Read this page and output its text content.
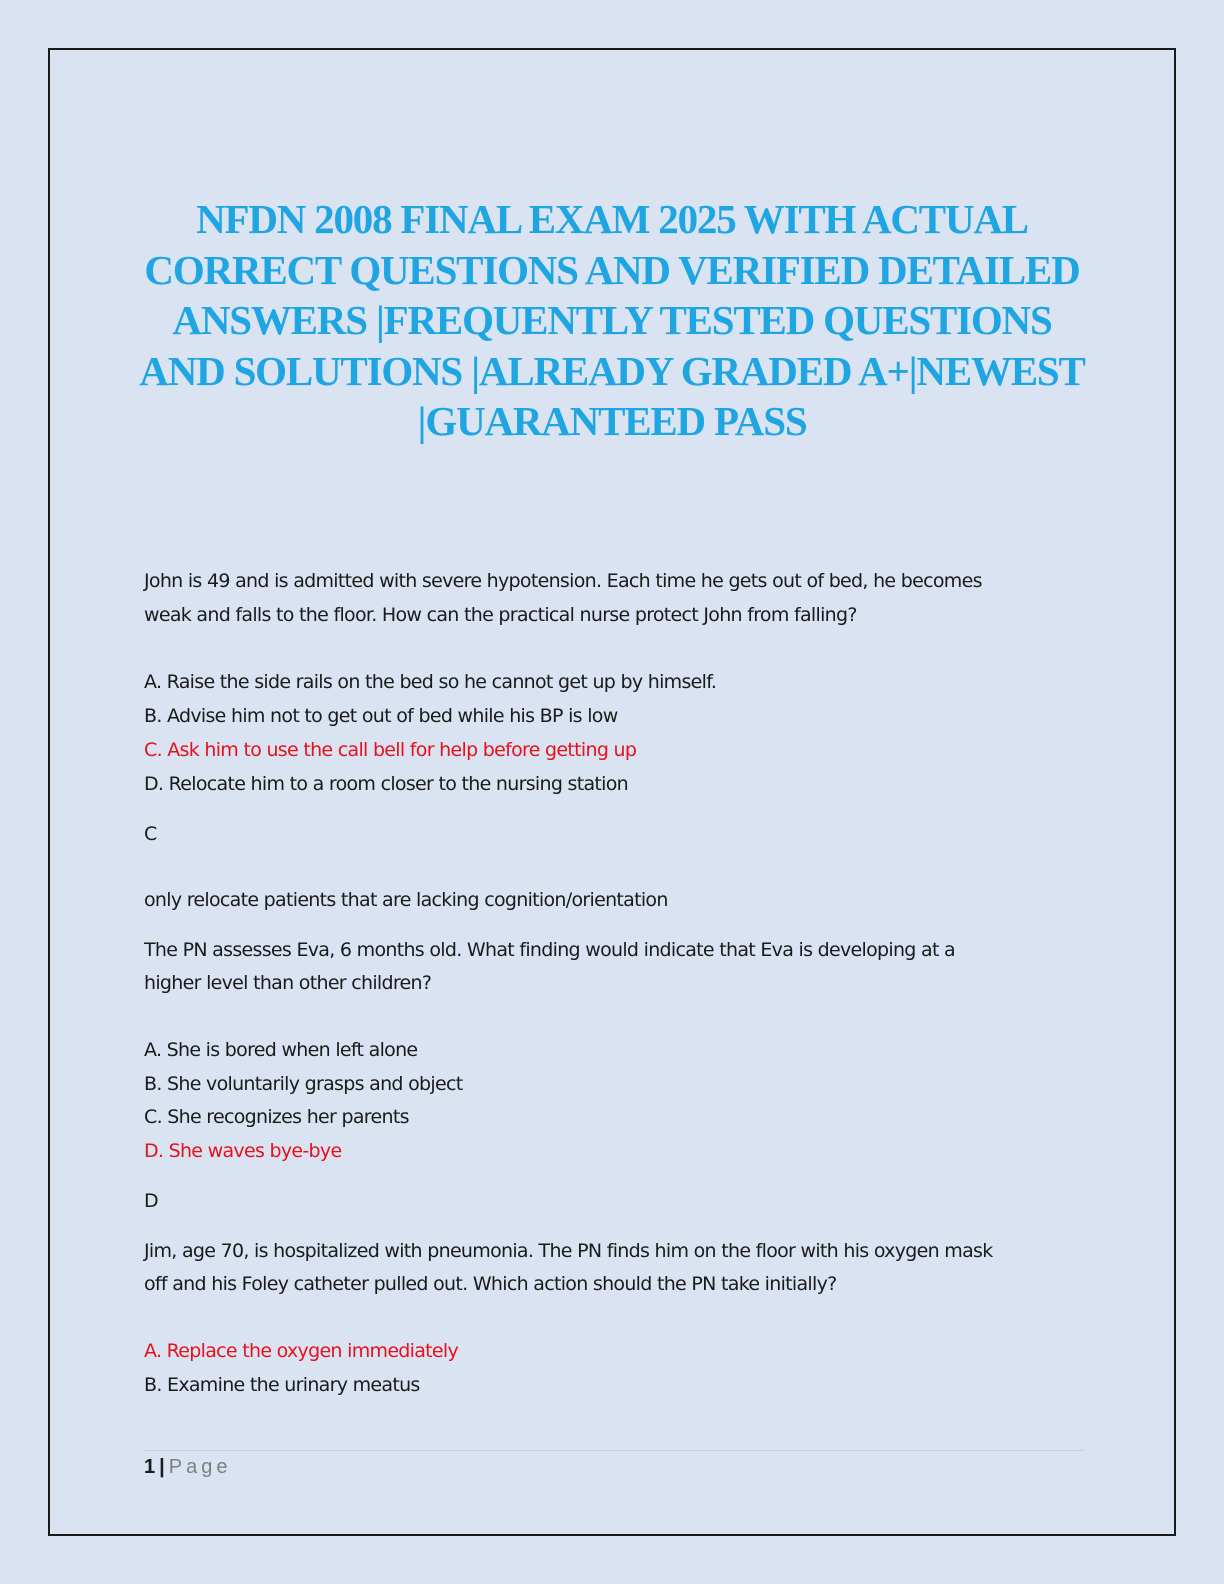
NFDN 2008 FINAL EXAM 2025 WITH ACTUAL CORRECT QUESTIONS AND VERIFIED DETAILED ANSWERS |FREQUENTLY TESTED QUESTIONS AND SOLUTIONS |ALREADY GRADED A+|NEWEST |GUARANTEED PASS
John is 49 and is admitted with severe hypotension. Each time he gets out of bed, he becomes
weak and falls to the floor. How can the practical nurse protect John from falling?
A. Raise the side rails on the bed so he cannot get up by himself.
B. Advise him not to get out of bed while his BP is low
C. Ask him to use the call bell for help before getting up
D. Relocate him to a room closer to the nursing station
C
only relocate patients that are lacking cognition/orientation
The PN assesses Eva, 6 months old. What finding would indicate that Eva is developing at a
higher level than other children?
A. She is bored when left alone
B. She voluntarily grasps and object
C. She recognizes her parents
D. She waves bye-bye
D
Jim, age 70, is hospitalized with pneumonia. The PN finds him on the floor with his oxygen mask
off and his Foley catheter pulled out. Which action should the PN take initially?
A. Replace the oxygen immediately
B. Examine the urinary meatus
1 | Page
